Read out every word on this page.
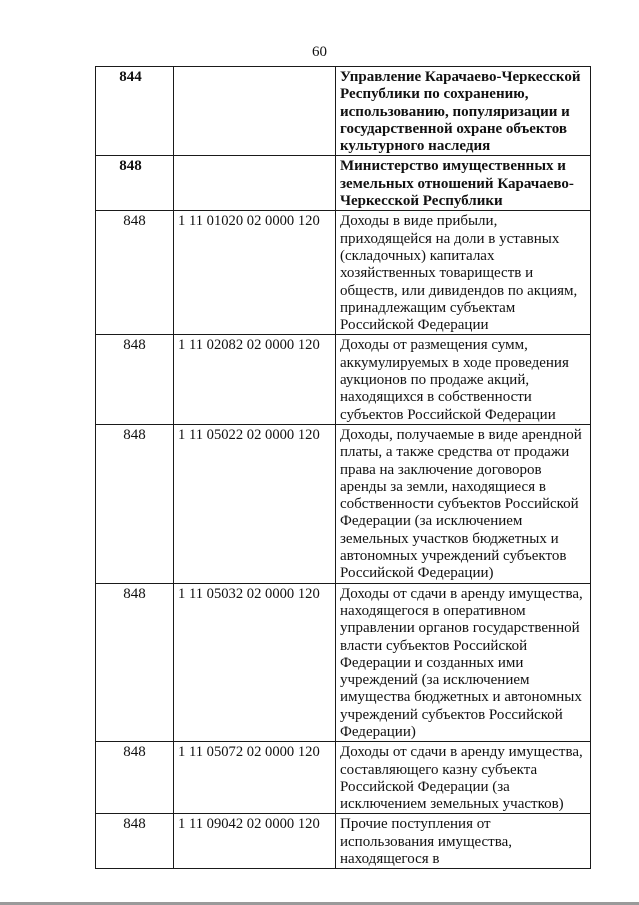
60
844		Управление Карачаево-Черкесской Республики по сохранению, использованию, популяризации и государственной охране объектов культурного наследия
848		Министерство имущественных и земельных отношений Карачаево-Черкесской Республики
848	1 11 01020 02 0000 120	Доходы в виде прибыли, приходящейся на доли в уставных (складочных) капиталах хозяйственных товариществ и обществ, или дивидендов по акциям, принадлежащим субъектам Российской Федерации
848	1 11 02082 02 0000 120	Доходы от размещения сумм, аккумулируемых в ходе проведения аукционов по продаже акций, находящихся в собственности субъектов Российской Федерации
848	1 11 05022 02 0000 120	Доходы, получаемые в виде арендной платы, а также средства от продажи права на заключение договоров аренды за земли, находящиеся в собственности субъектов Российской Федерации (за исключением земельных участков бюджетных и автономных учреждений субъектов Российской Федерации)
848	1 11 05032 02 0000 120	Доходы от сдачи в аренду имущества, находящегося в оперативном управлении органов государственной власти субъектов Российской Федерации и созданных ими учреждений (за исключением имущества бюджетных и автономных учреждений субъектов Российской Федерации)
848	1 11 05072 02 0000 120	Доходы от сдачи в аренду имущества, составляющего казну субъекта Российской Федерации (за исключением земельных участков)
848	1 11 09042 02 0000 120	Прочие поступления от использования имущества, находящегося в
